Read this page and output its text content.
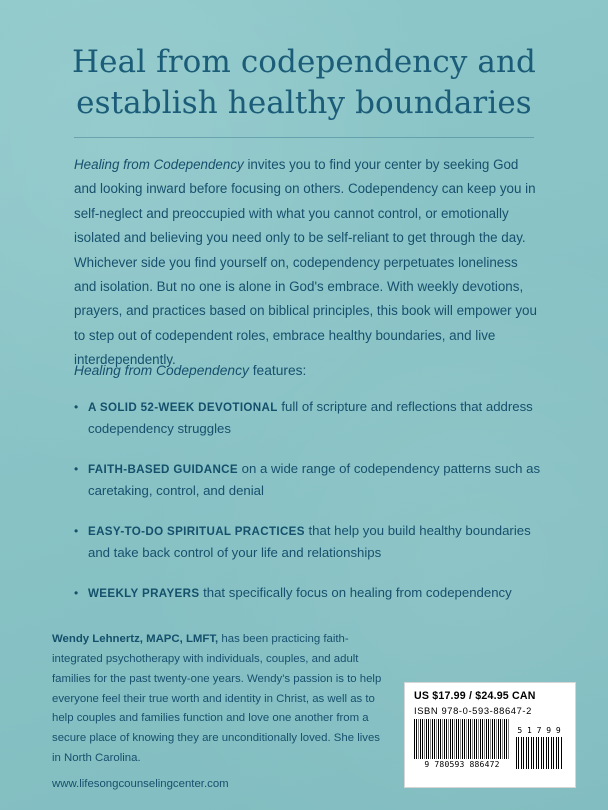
Heal from codependency and
establish healthy boundaries
Healing from Codependency invites you to find your center by seeking God and looking inward before focusing on others. Codependency can keep you in self-neglect and preoccupied with what you cannot control, or emotionally isolated and believing you need only to be self-reliant to get through the day. Whichever side you find yourself on, codependency perpetuates loneliness and isolation. But no one is alone in God's embrace. With weekly devotions, prayers, and practices based on biblical principles, this book will empower you to step out of codependent roles, embrace healthy boundaries, and live interdependently.
Healing from Codependency features:
• A SOLID 52-WEEK DEVOTIONAL full of scripture and reflections that address codependency struggles
• FAITH-BASED GUIDANCE on a wide range of codependency patterns such as caretaking, control, and denial
• EASY-TO-DO SPIRITUAL PRACTICES that help you build healthy boundaries and take back control of your life and relationships
• WEEKLY PRAYERS that specifically focus on healing from codependency
Wendy Lehnertz, MAPC, LMFT, has been practicing faith-integrated psychotherapy with individuals, couples, and adult families for the past twenty-one years. Wendy's passion is to help everyone feel their true worth and identity in Christ, as well as to help couples and families function and love one another from a secure place of knowing they are unconditionally loved. She lives in North Carolina.
www.lifesongcounselingcenter.com
US $17.99 / $24.95 CAN
ISBN 978-0-593-88647-2
9 780593 886472
5 1 7 9 9
